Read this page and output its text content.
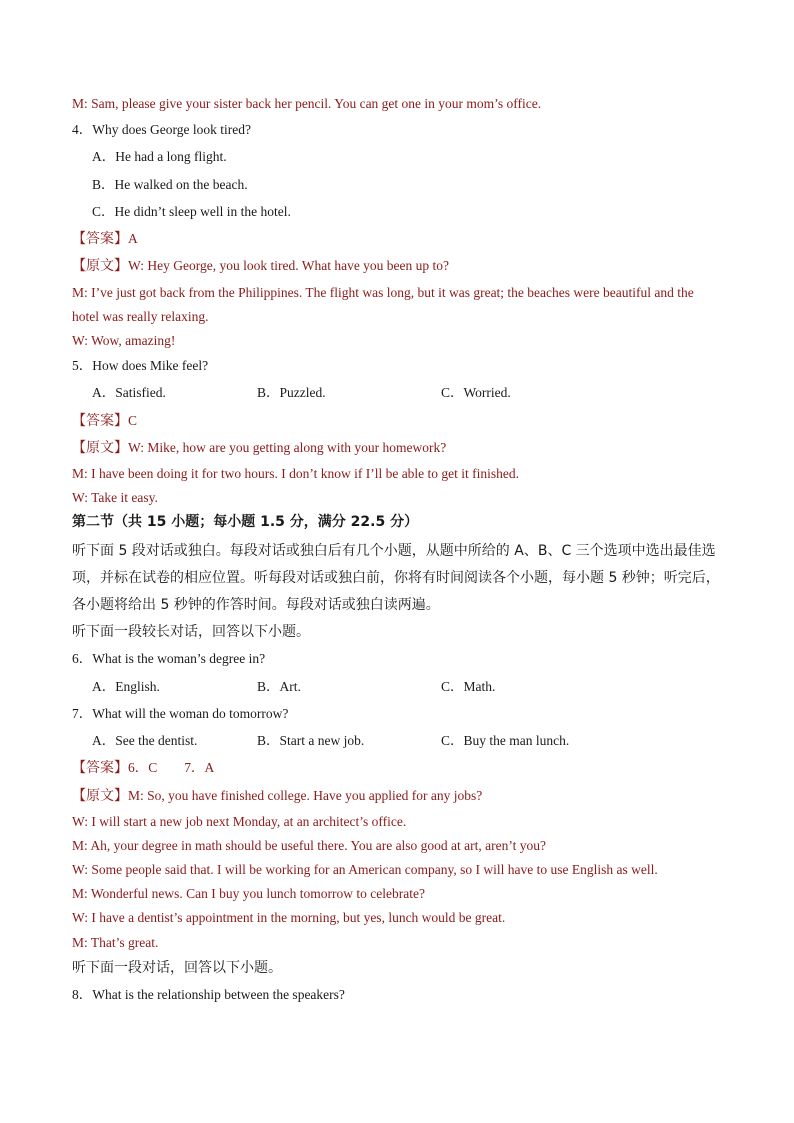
M: Sam, please give your sister back her pencil. You can get one in your mom’s office.
4．Why does George look tired?
A．He had a long flight.
B．He walked on the beach.
C．He didn’t sleep well in the hotel.
【答案】A
【原文】W: Hey George, you look tired. What have you been up to?
M: I’ve just got back from the Philippines. The flight was long, but it was great; the beaches were beautiful and the
hotel was really relaxing.
W: Wow, amazing!
5．How does Mike feel?
A．Satisfied.	B．Puzzled.	C．Worried.
【答案】C
【原文】W: Mike, how are you getting along with your homework?
M: I have been doing it for two hours. I don’t know if I’ll be able to get it finished.
W: Take it easy.
第二节（共 15 小题；每小题 1.5 分，满分 22.5 分）
听下面 5 段对话或独白。每段对话或独白后有几个小题，从题中所给的 A、B、C 三个选项中选出最佳选
项，并标在试卷的相应位置。听每段对话或独白前，你将有时间阅读各个小题，每小题 5 秒钟；听完后，
各小题将给出 5 秒钟的作答时间。每段对话或独白读两遍。
听下面一段较长对话，回答以下小题。
6．What is the woman’s degree in?
A．English.	B．Art.	C．Math.
7．What will the woman do tomorrow?
A．See the dentist.	B．Start a new job.	C．Buy the man lunch.
【答案】6．C        7．A
【原文】M: So, you have finished college. Have you applied for any jobs?
W: I will start a new job next Monday, at an architect’s office.
M: Ah, your degree in math should be useful there. You are also good at art, aren’t you?
W: Some people said that. I will be working for an American company, so I will have to use English as well.
M: Wonderful news. Can I buy you lunch tomorrow to celebrate?
W: I have a dentist’s appointment in the morning, but yes, lunch would be great.
M: That’s great.
听下面一段对话，回答以下小题。
8．What is the relationship between the speakers?
